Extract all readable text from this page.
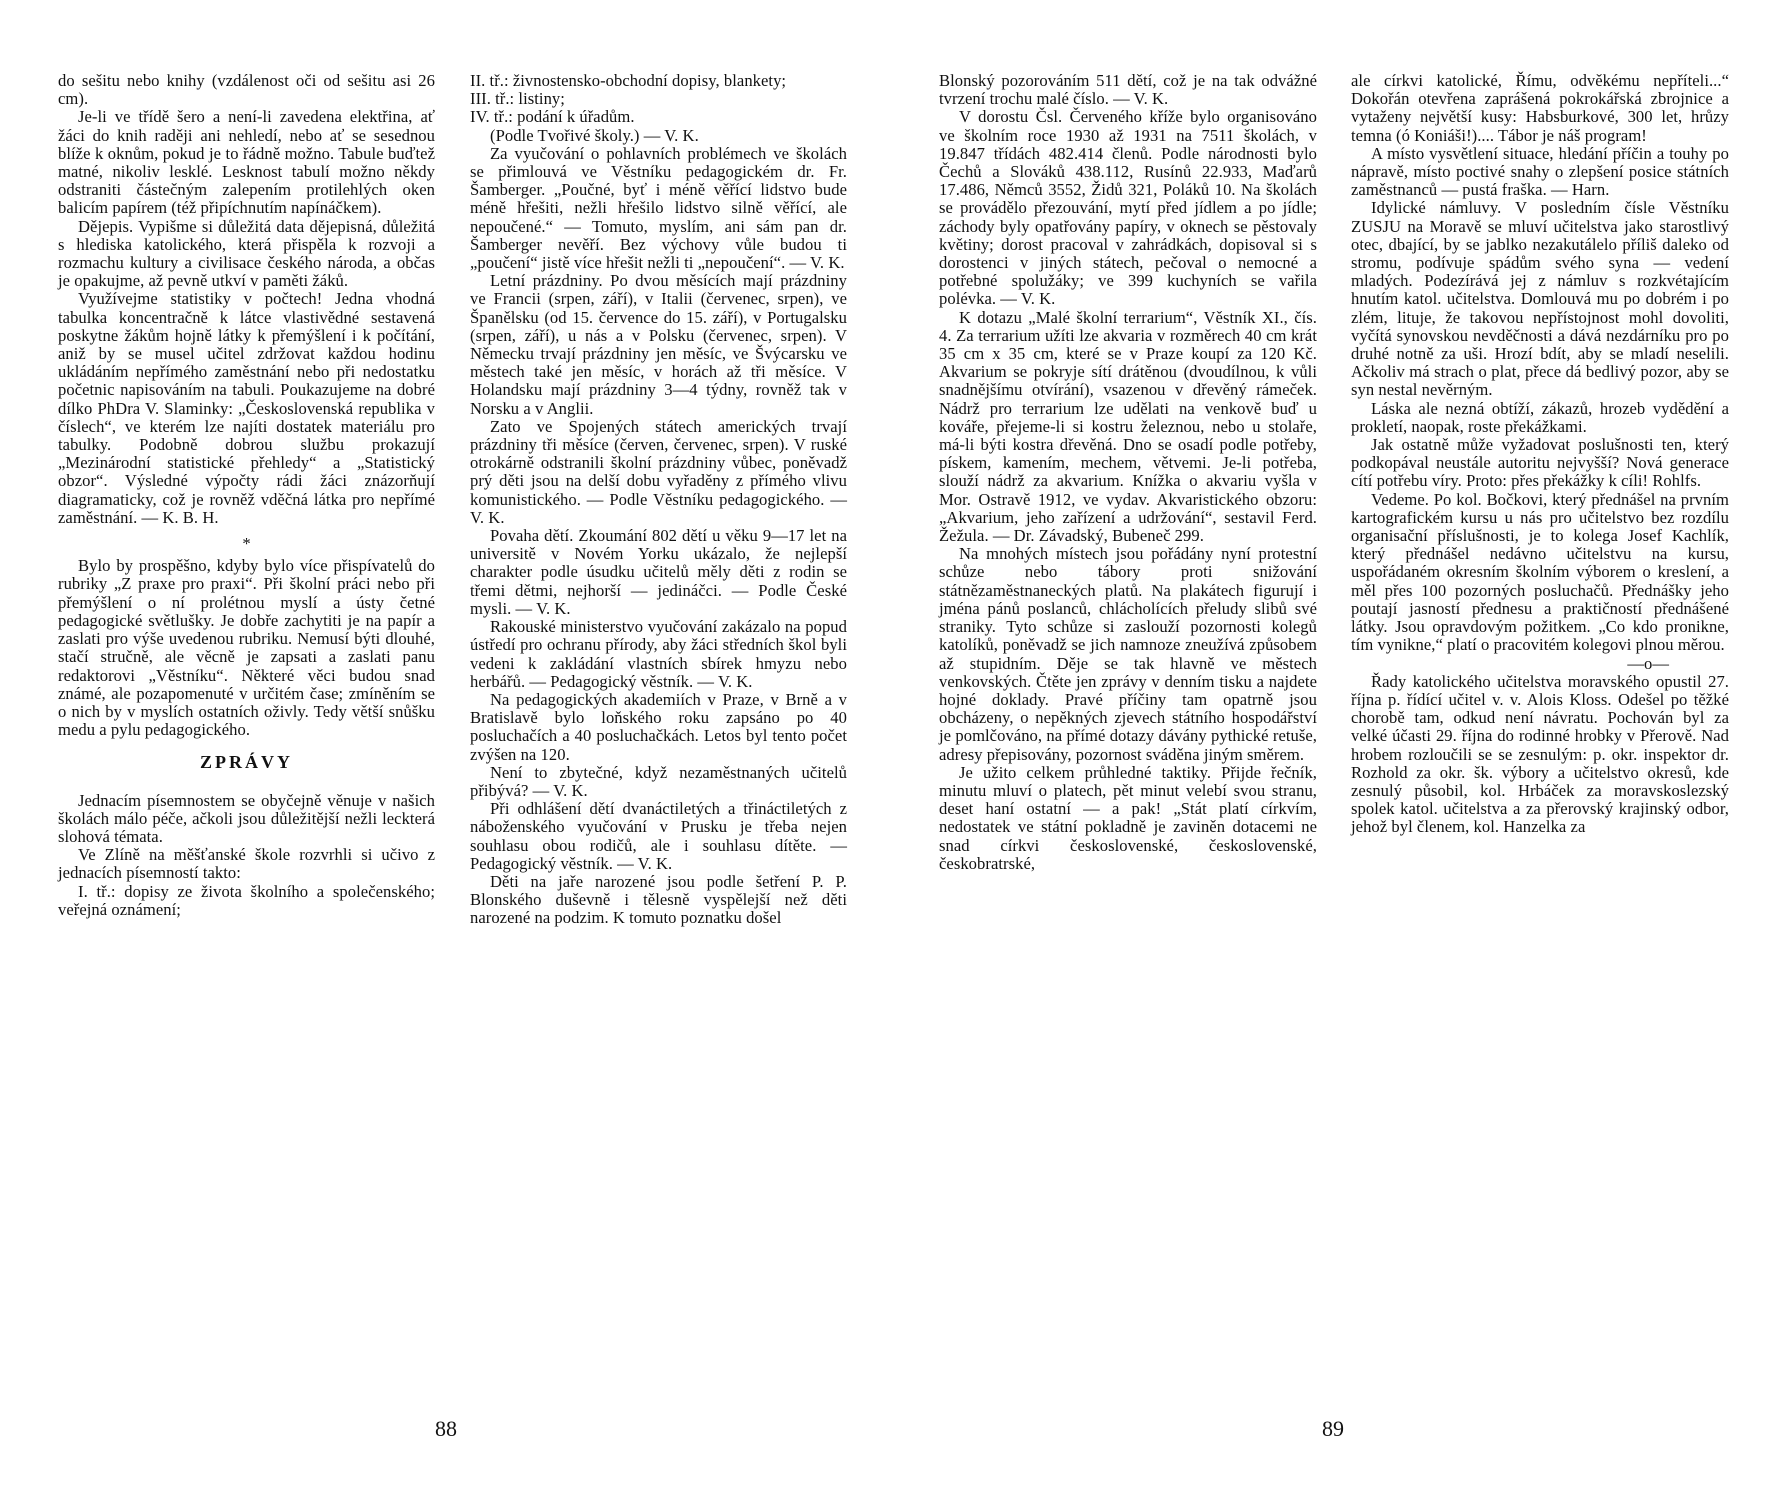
do sešitu nebo knihy (vzdálenost oči od sešitu asi 26 cm).

Je-li ve třídě šero a není-li zavedena elektřina, ať žáci do knih raději ani nehledí, nebo ať se sesednou blíže k oknům, pokud je to řádně možno. Tabule buďtež matné, nikoliv lesklé. Lesknost tabulí možno někdy odstraniti částečným zalepením protilehlých oken balicím papírem (též připíchnutím napínáčkem).

Dějepis. Vypišme si důležitá data dějepisná, důležitá s hlediska katolického, která přispěla k rozvoji a rozmachu kultury a civilisace českého národa, a občas je opakujme, až pevně utkví v paměti žáků.

Využívejme statistiky v počtech! Jednа vhodná tabulka koncentračně k látce vlastivědné sestavená poskytne žákům hojně látky k přemýšlení i k počítání, aniž by se musel učitel zdržovat každou hodinu ukládáním nepřímého zaměstnání nebo při nedostatku početnic napisováním na tabuli. Poukazujeme na dobré dílko PhDra V. Slaminky: „Československá republika v číslech“, ve kterém lze najíti dostatek materiálu pro tabulky. Podobně dobrou službu prokazují „Mezinárodní statistické přehledy“ a „Statistický obzor“. Výsledné výpočty rádi žáci znázorňují diagramaticky, což je rovněž vděčná látka pro nepřímé zaměstnání. — K. B. H.

*

Bylo by prospěšno, kdyby bylo více přispívatelů do rubriky „Z praxe pro praxi“. Při školní práci nebo při přemýšlení o ní prolétnou myslí a ústy četné pedagogické světlušky. Je dobře zachytiti je na papír a zaslati pro výše uvedenou rubriku. Nemusí býti dlouhé, stačí stručně, ale věcně je zapsati a zaslati panu redaktorovi „Věstníku“. Některé věci budou snad známé, ale pozapomenuté v určitém čase; zmíněním se o nich by v myslích ostatních oživly. Tedy větší snůšku medu a pylu pedagogického.

ZPRÁVY

Jednacím písemnostem se obyčejně věnuje v našich školách málo péče, ačkoli jsou důležitější nežli leckterá slohová témata.

Ve Zlíně na měšťanské škole rozvrhli si učivo z jednacích písemností takto:

I. tř.: dopisy ze života školního a společenského; veřejná oznámení;

II. tř.: živnostensko-obchodní dopisy, blankety;

III. tř.: listiny;

IV. tř.: podání k úřadům.

(Podle Tvořivé školy.) — V. K.

Za vyučování o pohlavních problémech ve školách se přimlouvá ve Věstníku pedagogickém dr. Fr. Šamberger. „Poučné, byť i méně věřící lidstvo bude méně hřešiti, nežli hřešilo lidstvo silně věřící, ale nepoučené.“ — Tomuto, myslím, ani sám pan dr. Šamberger nevěří. Bez výchovy vůle budou ti „poučení“ jistě více hřešit nežli ti „nepoučení“. — V. K.

Letní prázdniny. Po dvou měsících mají prázdniny ve Francii (srpen, září), v Italii (červenec, srpen), ve Španělsku (od 15. července do 15. září), v Portugalsku (srpen, září), u nás a v Polsku (červenec, srpen). V Německu trvají prázdniny jen měsíc, ve Švýcarsku ve městech také jen měsíc, v horách až tři měsíce. V Holandsku mají prázdniny 3—4 týdny, rovněž tak v Norsku a v Anglii.

Zato ve Spojených státech amerických trvají prázdniny tři měsíce (červen, červenec, srpen). V ruské otrokárně odstranili školní prázdniny vůbec, poněvadž prý děti jsou na delší dobu vyřaděny z přímého vlivu komunistického. — Podle Věstníku pedagogického. — V. K.

Povaha dětí. Zkoumání 802 dětí u věku 9—17 let na universitě v Novém Yorku ukázalo, že nejlepší charakter podle úsudku učitelů měly děti z rodin se třemi dětmi, nejhorší — jedináčci. — Podle České mysli. — V. K.

Rakouské ministerstvo vyučování zakázalo na popud ústředí pro ochranu přírody, aby žáci středních škol byli vedeni k zakládání vlastních sbírek hmyzu nebo herbářů. — Pedagogický věstník. — V. K.

Na pedagogických akademiích v Praze, v Brně a v Bratislavě bylo loňského roku zapsáno po 40 posluchačích a 40 posluchačkách. Letos byl tento počet zvýšen na 120.

Není to zbytečné, když nezaměstnaných učitelů přibývá? — V. K.

Při odhlášení dětí dvanáctiletých a třináctiletých z náboženského vyučování v Prusku je třeba nejen souhlasu obou rodičů, ale i souhlasu dítěte. — Pedagogický věstník. — V. K.

Děti na jaře narozené jsou podle šetření P. P. Blonského duševně i tělesně vyspělejší než děti narozené na podzim. K tomuto poznatku došel

88

Blonský pozorováním 511 dětí, což je na tak odvážné tvrzení trochu malé číslo. — V. K.

V dorostu Čsl. Červeného kříže bylo organisováno ve školním roce 1930 až 1931 na 7511 školách, v 19.847 třídách 482.414 členů. Podle národnosti bylo Čechů a Slováků 438.112, Rusínů 22.933, Maďarů 17.486, Němců 3552, Židů 321, Poláků 10. Na školách se provádělo přezouvání, mytí před jídlem a po jídle; záchody byly opatřovány papíry, v oknech se pěstovaly květiny; dorost pracoval v zahrádkách, dopisoval si s dorostenci v jiných státech, pečoval o nemocné a potřebné spolužáky; ve 399 kuchyních se vařila polévka. — V. K.

K dotazu „Malé školní terrarium“, Věstník XI., čís. 4. Za terrarium užíti lze akvaria v rozměrech 40 cm krát 35 cm x 35 cm, které se v Praze koupí za 120 Kč. Akvarium se pokryje sítí drátěnou (dvoudílnou, k vůli snadnějšímu otvírání), vsazenou v dřevěný rámeček. Nádrž pro terrarium lze udělati na venkově buď u kováře, přejeme-li si kostru železnou, nebo u stolaře, má-li býti kostra dřevěná. Dno se osadí podle potřeby, pískem, kamením, mechem, větvemi. Je-li potřeba, slouží nádrž za akvarium. Knížka o akvariu vyšla v Mor. Ostravě 1912, ve vydav. Akvaristického obzoru: „Akvarium, jeho zařízení a udržování“, sestavil Ferd. Žežula. — Dr. Závadský, Bubeneč 299.

Na mnohých místech jsou pořádány nyní protestní schůze nebo tábory proti snižování státnězaměstnaneckých platů. Na plakátech figurují i jména pánů poslanců, chlácholících přeludy slibů své straniky. Tyto schůze si zaslouží pozornosti kolegů katolíků, poněvadž se jich namnoze zneužívá způsobem až stupidním. Děje se tak hlavně ve městech venkovských. Čtěte jen zprávy v denním tisku a najdete hojné doklady. Pravé příčiny tam opatrně jsou obcházeny, o nepěkných zjevech státního hospodářství je pomlčováno, na přímé dotazy dávány pythické retuše, adresy přepisovány, pozornost sváděna jiným směrem.

Je užito celkem průhledné taktiky. Přijde řečník, minutu mluví o platech, pět minut velebí svou stranu, deset haní ostatní — a pak! „Stát platí církvím, nedostatek ve státní pokladně je zaviněn dotacemi ne snad církvi československé, československé, českobratrské,

ale církvi katolické, Římu, odvěkému nepříteli...“ Dokořán otevřena zaprášená pokrokářská zbrojnice a vytaženy největší kusy: Habsburkové, 300 let, hrůzy temna (ó Koniáši!).... Tábor je náš program!

A místo vysvětlení situace, hledání příčin a touhy po nápravě, místo poctivé snahy o zlepšení posice státních zaměstnanců — pustá fraška. — Harn.

Idylické námluvy. V posledním čísle Věstníku ZUSJU na Moravě se mluví učitelstva jako starostlivý otec, dbající, by se jablko nezakutálelo příliš daleko od stromu, podívuje spádům svého syna — vedení mladých. Podezírává jej z námluv s rozkvétajícím hnutím katol. učitelstva. Domlouvá mu po dobrém i po zlém, lituje, že takovou nepřístojnost mohl dovoliti, vyčítá synovskou nevděčnosti a dává nezdárníku pro po druhé notně za uši. Hrozí bdít, aby se mladí neselili. Ačkoliv má strach o plat, přece dá bedlivý pozor, aby se syn nestal nevěrným.

Láska ale nezná obtíží, zákazů, hrozeb vydědění a prokletí, naopak, roste překážkami.

Jak ostatně může vyžadovat poslušnosti ten, který podkopával neustále autoritu nejvyšší? Nová generace cítí potřebu víry. Proto: přes překážky k cíli! Rohlfs.

Vedeme. Po kol. Bočkovi, který přednášel na prvním kartografickém kursu u nás pro učitelstvo bez rozdílu organisační příslušnosti, je to kolega Josef Kachlík, který přednášel nedávno učitelstvu na kursu, uspořádaném okresním školním výborem o kreslení, a měl přes 100 pozorných posluchačů. Přednášky jeho poutají jasností přednesu a praktičností přednášené látky. Jsou opravdovým požitkem. „Co kdo pronikne, tím vynikne,“ platí o pracovitém kolegovi plnou měrou.

—o—

Řady katolického učitelstva moravského opustil 27. října p. řídící učitel v. v. Alois Kloss. Odešel po těžké chorobě tam, odkud není návratu. Pochován byl za velké účasti 29. října do rodinné hrobky v Přerově. Nad hrobem rozloučili se se zesnulým: p. okr. inspektor dr. Rozhold za okr. šk. výbory a učitelstvo okresů, kde zesnulý působil, kol. Hrbáček za moravskoslezský spolek katol. učitelstva a za přerovský krajinský odbor, jehož byl členem, kol. Hanzelka za

89
